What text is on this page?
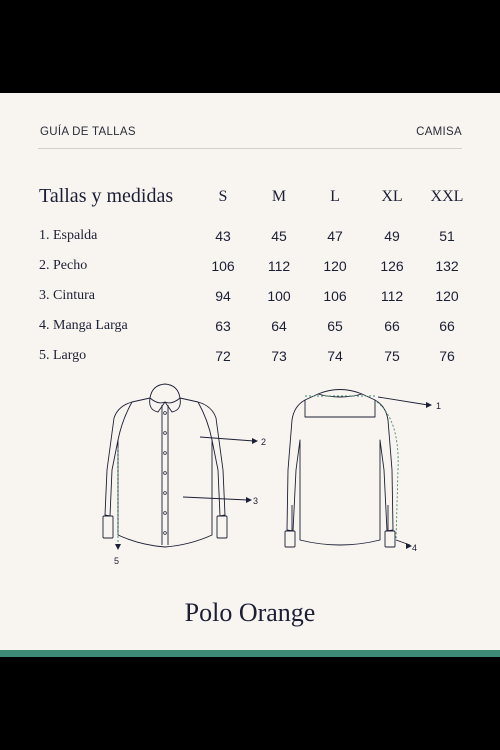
GUÍA DE TALLAS	CAMISA
Tallas y medidas	S	M	L	XL	XXL
1. Espalda	43	45	47	49	51
2. Pecho	106	112	120	126	132
3. Cintura	94	100	106	112	120
4. Manga Larga	63	64	65	66	66
5. Largo	72	73	74	75	76
1
2
3
4
5
Polo Orange
